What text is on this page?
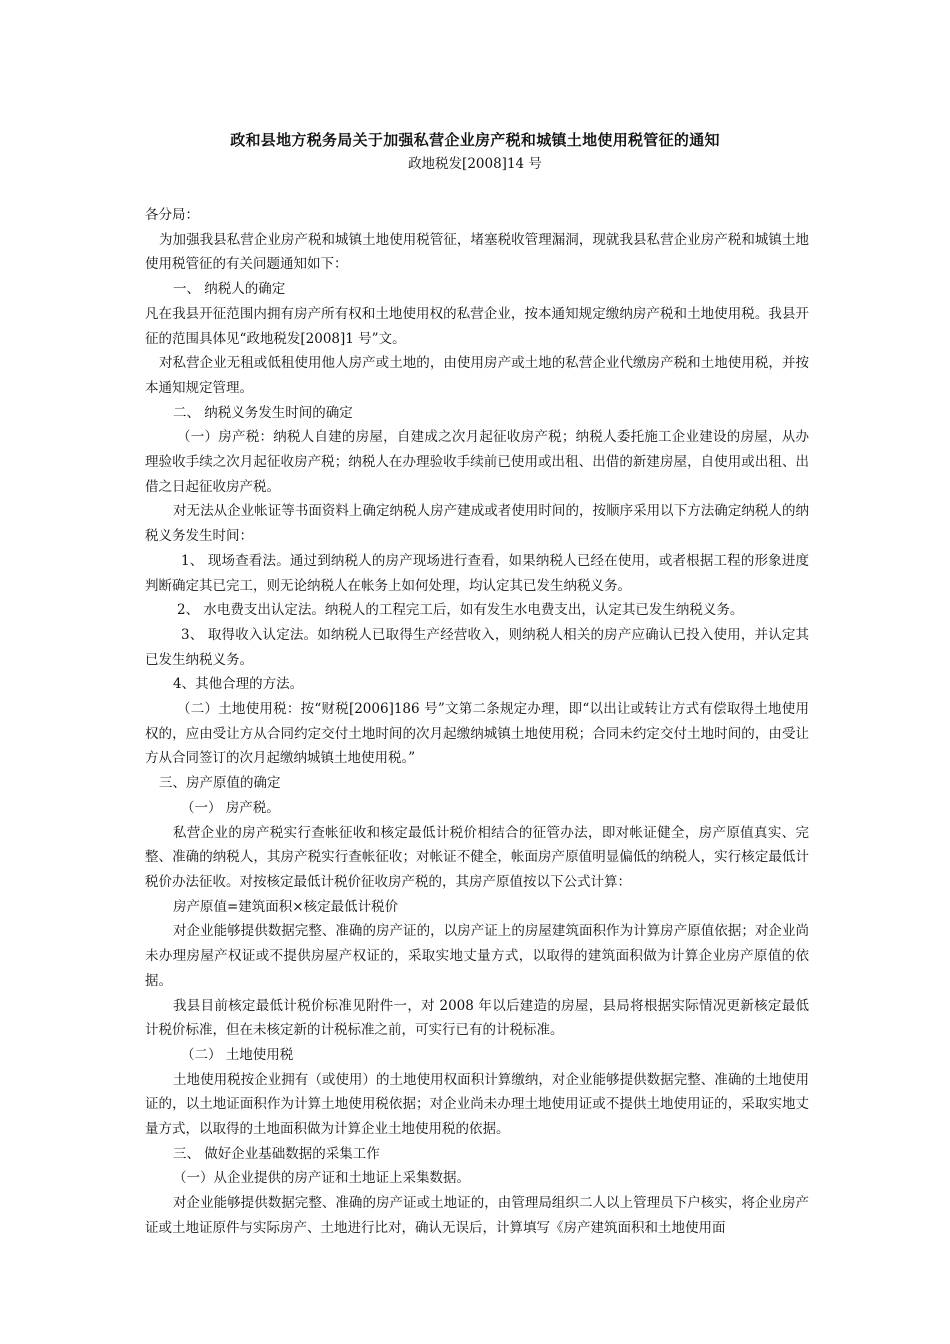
政和县地方税务局关于加强私营企业房产税和城镇土地使用税管征的通知
政地税发[2008]14 号

各分局：

为加强我县私营企业房产税和城镇土地使用税管征，堵塞税收管理漏洞，现就我县私营企业房产税和城镇土地使用税管征的有关问题通知如下：

一、 纳税人的确定

凡在我县开征范围内拥有房产所有权和土地使用权的私营企业，按本通知规定缴纳房产税和土地使用税。我县开征的范围具体见“政地税发[2008]1 号”文。

对私营企业无租或低租使用他人房产或土地的，由使用房产或土地的私营企业代缴房产税和土地使用税，并按本通知规定管理。

二、 纳税义务发生时间的确定

（一）房产税：纳税人自建的房屋，自建成之次月起征收房产税；纳税人委托施工企业建设的房屋，从办理验收手续之次月起征收房产税；纳税人在办理验收手续前已使用或出租、出借的新建房屋，自使用或出租、出借之日起征收房产税。

对无法从企业帐证等书面资料上确定纳税人房产建成或者使用时间的，按顺序采用以下方法确定纳税人的纳税义务发生时间：

1、 现场查看法。通过到纳税人的房产现场进行查看，如果纳税人已经在使用，或者根据工程的形象进度判断确定其已完工，则无论纳税人在帐务上如何处理，均认定其已发生纳税义务。

2、 水电费支出认定法。纳税人的工程完工后，如有发生水电费支出，认定其已发生纳税义务。

3、 取得收入认定法。如纳税人已取得生产经营收入，则纳税人相关的房产应确认已投入使用，并认定其已发生纳税义务。

4、其他合理的方法。

（二）土地使用税：按“财税[2006]186 号”文第二条规定办理，即“以出让或转让方式有偿取得土地使用权的，应由受让方从合同约定交付土地时间的次月起缴纳城镇土地使用税；合同未约定交付土地时间的，由受让方从合同签订的次月起缴纳城镇土地使用税。”

三、房产原值的确定

（一） 房产税。

私营企业的房产税实行查帐征收和核定最低计税价相结合的征管办法，即对帐证健全，房产原值真实、完整、准确的纳税人，其房产税实行查帐征收；对帐证不健全，帐面房产原值明显偏低的纳税人，实行核定最低计税价办法征收。对按核定最低计税价征收房产税的，其房产原值按以下公式计算：

房产原值=建筑面积×核定最低计税价

对企业能够提供数据完整、准确的房产证的，以房产证上的房屋建筑面积作为计算房产原值依据；对企业尚未办理房屋产权证或不提供房屋产权证的，采取实地丈量方式，以取得的建筑面积做为计算企业房产原值的依据。

我县目前核定最低计税价标准见附件一，对 2008 年以后建造的房屋，县局将根据实际情况更新核定最低计税价标准，但在未核定新的计税标准之前，可实行已有的计税标准。

（二） 土地使用税

土地使用税按企业拥有（或使用）的土地使用权面积计算缴纳，对企业能够提供数据完整、准确的土地使用证的，以土地证面积作为计算土地使用税依据；对企业尚未办理土地使用证或不提供土地使用证的，采取实地丈量方式，以取得的土地面积做为计算企业土地使用税的依据。

三、 做好企业基础数据的采集工作

（一）从企业提供的房产证和土地证上采集数据。

对企业能够提供数据完整、准确的房产证或土地证的，由管理局组织二人以上管理员下户核实，将企业房产证或土地证原件与实际房产、土地进行比对，确认无误后，计算填写《房产建筑面积和土地使用面
